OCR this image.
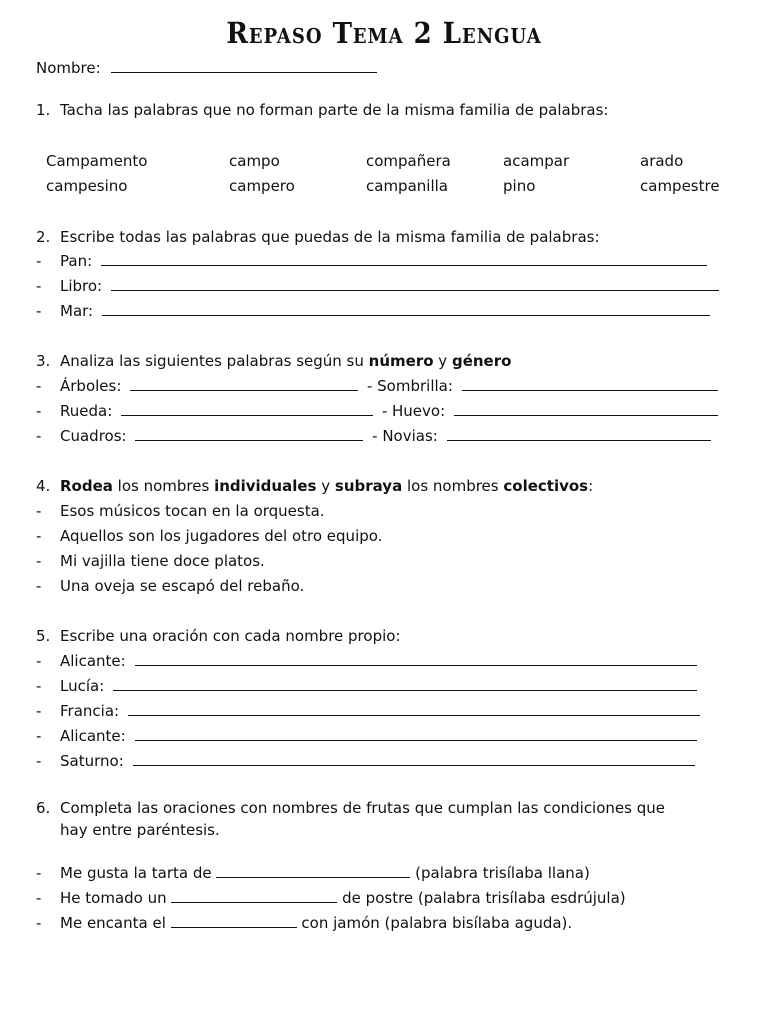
Repaso Tema 2 Lengua
Nombre:
1. Tacha las palabras que no forman parte de la misma familia de palabras:
Campamento	campo	compañera	acampar	arado
campesino	campero	campanilla	pino	campestre
2. Escribe todas las palabras que puedas de la misma familia de palabras:
- Pan:
- Libro:
- Mar:
3. Analiza las siguientes palabras según su número y género
- Árboles:	- Sombrilla:
- Rueda:	- Huevo:
- Cuadros:	- Novias:
4. Rodea los nombres individuales y subraya los nombres colectivos:
- Esos músicos tocan en la orquesta.
- Aquellos son los jugadores del otro equipo.
- Mi vajilla tiene doce platos.
- Una oveja se escapó del rebaño.
5. Escribe una oración con cada nombre propio:
- Alicante:
- Lucía:
- Francia:
- Alicante:
- Saturno:
6. Completa las oraciones con nombres de frutas que cumplan las condiciones que
hay entre paréntesis.
- Me gusta la tarta de	(palabra trisílaba llana)
- He tomado un	de postre (palabra trisílaba esdrújula)
- Me encanta el	con jamón (palabra bisílaba aguda).
